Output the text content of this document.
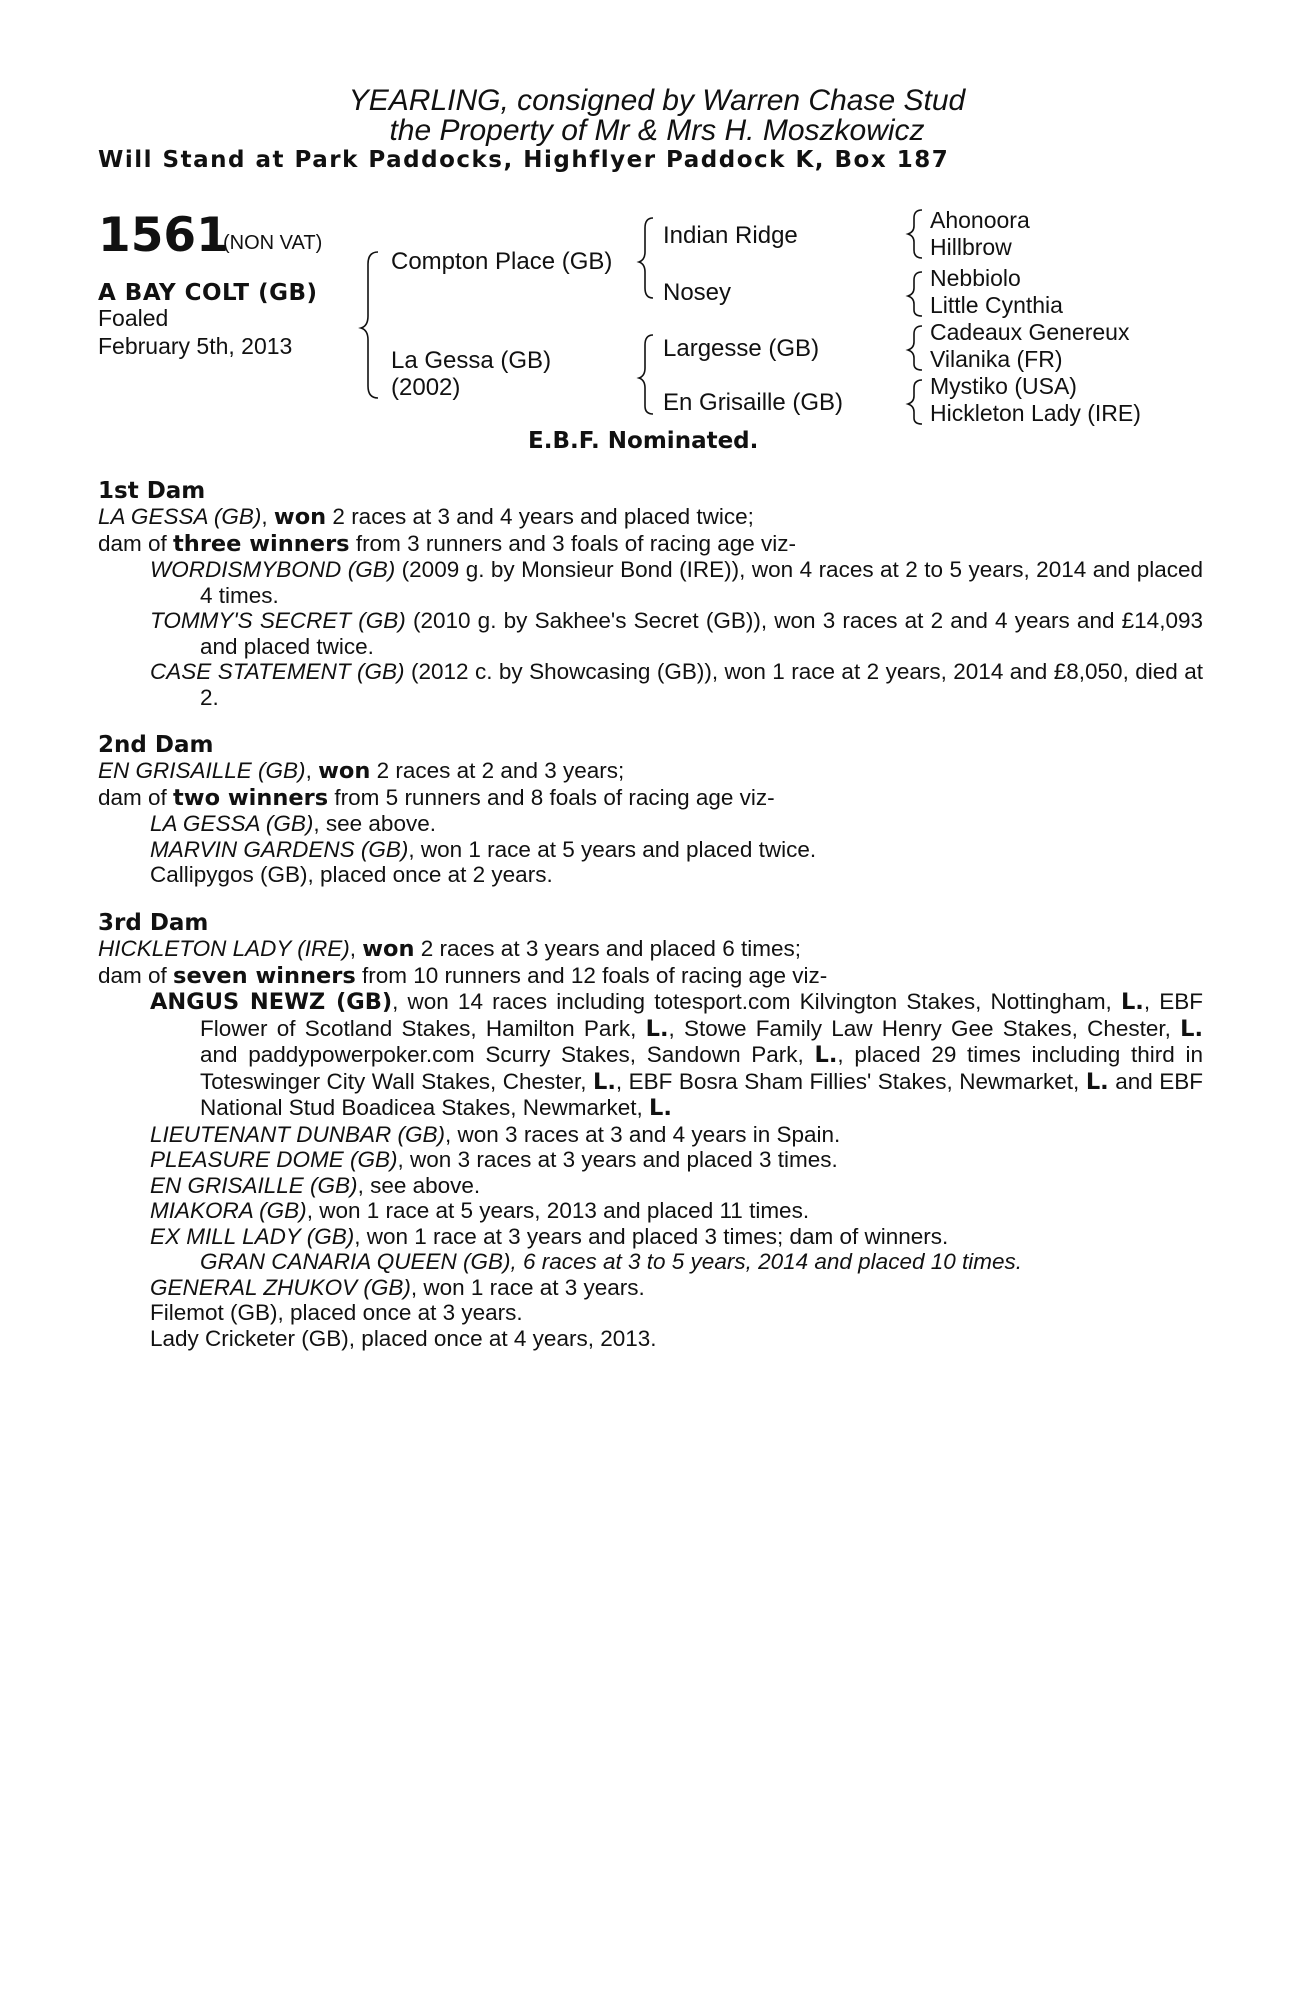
YEARLING, consigned by Warren Chase Stud
the Property of Mr & Mrs H. Moszkowicz
Will Stand at Park Paddocks, Highflyer Paddock K, Box 187
1561
(NON VAT)
A BAY COLT (GB)
Foaled
February 5th, 2013
Compton Place (GB)
La Gessa (GB)
(2002)
Indian Ridge
Nosey
Largesse (GB)
En Grisaille (GB)
Ahonoora
Hillbrow
Nebbiolo
Little Cynthia
Cadeaux Genereux
Vilanika (FR)
Mystiko (USA)
Hickleton Lady (IRE)
E.B.F. Nominated.
1st Dam
LA GESSA (GB), won 2 races at 3 and 4 years and placed twice;
dam of three winners from 3 runners and 3 foals of racing age viz-
WORDISMYBOND (GB) (2009 g. by Monsieur Bond (IRE)), won 4 races at 2 to 5 years, 2014 and placed 4 times.
TOMMY'S SECRET (GB) (2010 g. by Sakhee's Secret (GB)), won 3 races at 2 and 4 years and £14,093 and placed twice.
CASE STATEMENT (GB) (2012 c. by Showcasing (GB)), won 1 race at 2 years, 2014 and £8,050, died at 2.
2nd Dam
EN GRISAILLE (GB), won 2 races at 2 and 3 years;
dam of two winners from 5 runners and 8 foals of racing age viz-
LA GESSA (GB), see above.
MARVIN GARDENS (GB), won 1 race at 5 years and placed twice.
Callipygos (GB), placed once at 2 years.
3rd Dam
HICKLETON LADY (IRE), won 2 races at 3 years and placed 6 times;
dam of seven winners from 10 runners and 12 foals of racing age viz-
ANGUS NEWZ (GB), won 14 races including totesport.com Kilvington Stakes, Nottingham, L., EBF Flower of Scotland Stakes, Hamilton Park, L., Stowe Family Law Henry Gee Stakes, Chester, L. and paddypowerpoker.com Scurry Stakes, Sandown Park, L., placed 29 times including third in Toteswinger City Wall Stakes, Chester, L., EBF Bosra Sham Fillies' Stakes, Newmarket, L. and EBF National Stud Boadicea Stakes, Newmarket, L.
LIEUTENANT DUNBAR (GB), won 3 races at 3 and 4 years in Spain.
PLEASURE DOME (GB), won 3 races at 3 years and placed 3 times.
EN GRISAILLE (GB), see above.
MIAKORA (GB), won 1 race at 5 years, 2013 and placed 11 times.
EX MILL LADY (GB), won 1 race at 3 years and placed 3 times; dam of winners.
GRAN CANARIA QUEEN (GB), 6 races at 3 to 5 years, 2014 and placed 10 times.
GENERAL ZHUKOV (GB), won 1 race at 3 years.
Filemot (GB), placed once at 3 years.
Lady Cricketer (GB), placed once at 4 years, 2013.
